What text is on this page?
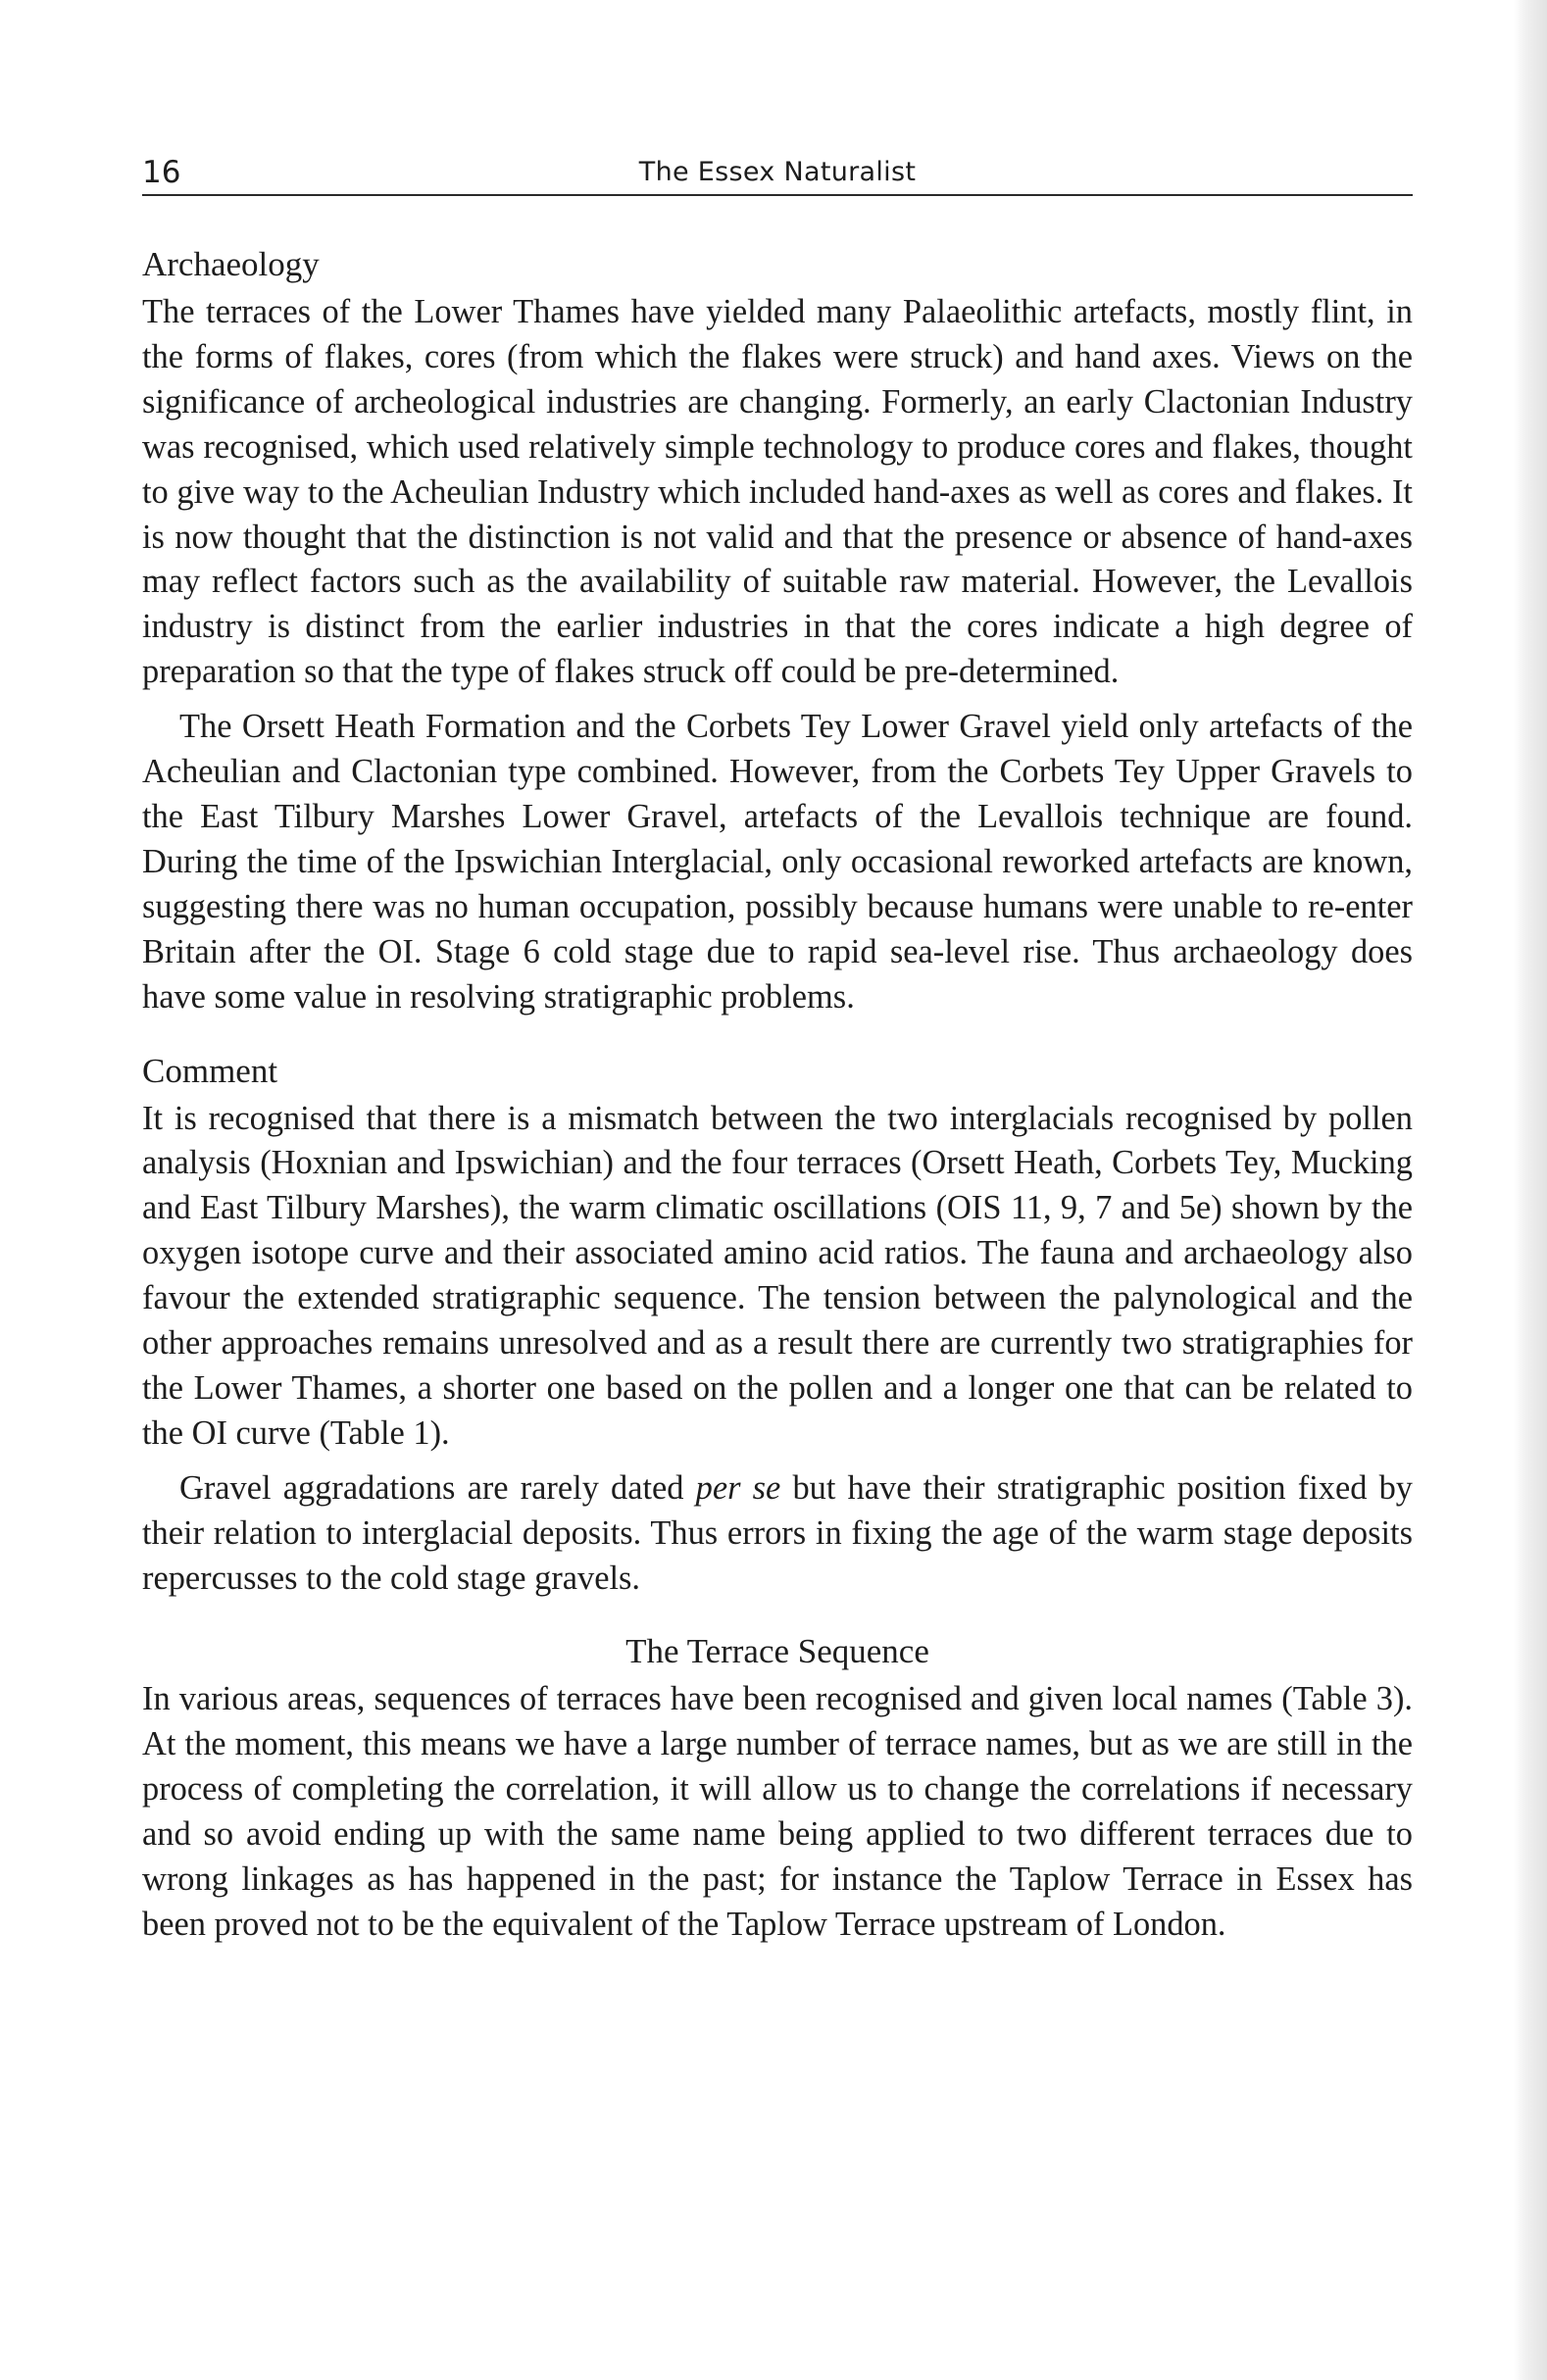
16	The Essex Naturalist
Archaeology

The terraces of the Lower Thames have yielded many Palaeolithic artefacts, mostly flint, in the forms of flakes, cores (from which the flakes were struck) and hand axes. Views on the significance of archeological industries are changing. Formerly, an early Clactonian Industry was recognised, which used relatively simple technology to produce cores and flakes, thought to give way to the Acheulian Industry which included hand-axes as well as cores and flakes. It is now thought that the distinction is not valid and that the presence or absence of hand-axes may reflect factors such as the availability of suitable raw material. However, the Levallois industry is distinct from the earlier industries in that the cores indicate a high degree of preparation so that the type of flakes struck off could be pre-determined.

The Orsett Heath Formation and the Corbets Tey Lower Gravel yield only artefacts of the Acheulian and Clactonian type combined. However, from the Corbets Tey Upper Gravels to the East Tilbury Marshes Lower Gravel, artefacts of the Levallois technique are found. During the time of the Ipswichian Interglacial, only occasional reworked artefacts are known, suggesting there was no human occupation, possibly because humans were unable to re-enter Britain after the OI. Stage 6 cold stage due to rapid sea-level rise. Thus archaeology does have some value in resolving stratigraphic problems.

Comment

It is recognised that there is a mismatch between the two interglacials recognised by pollen analysis (Hoxnian and Ipswichian) and the four terraces (Orsett Heath, Corbets Tey, Mucking and East Tilbury Marshes), the warm climatic oscillations (OIS 11, 9, 7 and 5e) shown by the oxygen isotope curve and their associated amino acid ratios. The fauna and archaeology also favour the extended stratigraphic sequence. The tension between the palynological and the other approaches remains unresolved and as a result there are currently two stratigraphies for the Lower Thames, a shorter one based on the pollen and a longer one that can be related to the OI curve (Table 1).

Gravel aggradations are rarely dated per se but have their stratigraphic position fixed by their relation to interglacial deposits. Thus errors in fixing the age of the warm stage deposits repercusses to the cold stage gravels.

The Terrace Sequence

In various areas, sequences of terraces have been recognised and given local names (Table 3). At the moment, this means we have a large number of terrace names, but as we are still in the process of completing the correlation, it will allow us to change the correlations if necessary and so avoid ending up with the same name being applied to two different terraces due to wrong linkages as has happened in the past; for instance the Taplow Terrace in Essex has been proved not to be the equivalent of the Taplow Terrace upstream of London.
